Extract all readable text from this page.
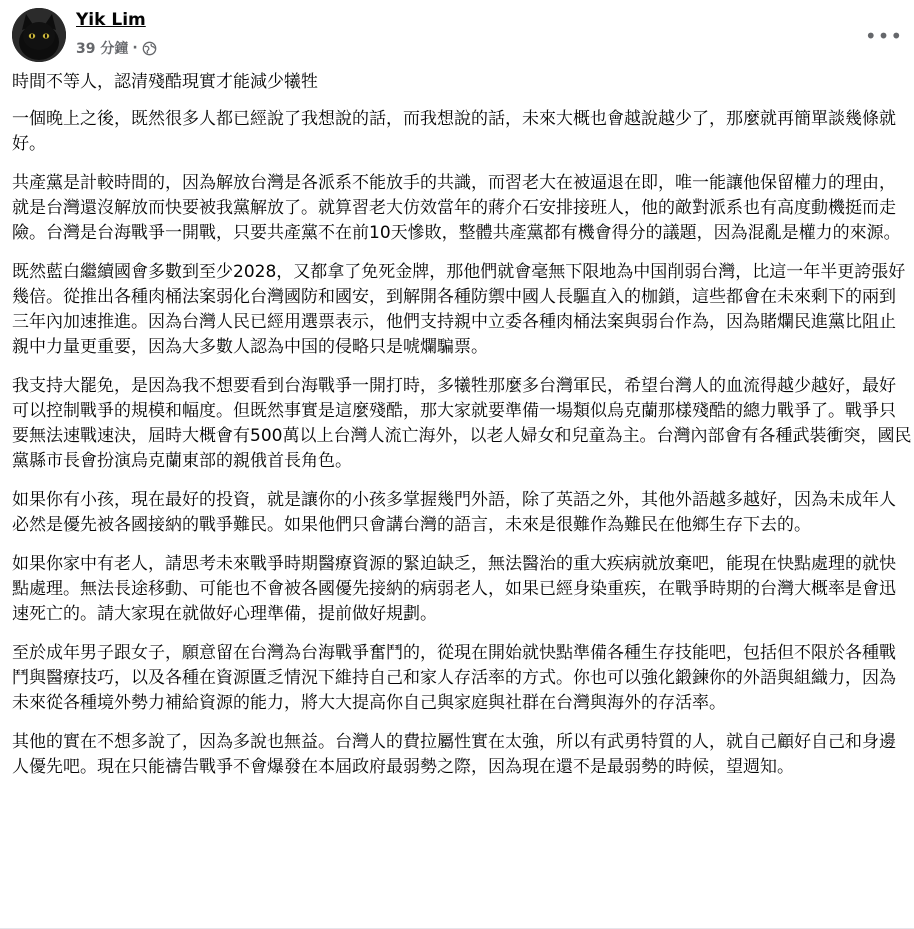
Yik Lim
39 分鐘 ·	•••

時間不等人，認清殘酷現實才能減少犧牲

一個晚上之後，既然很多人都已經說了我想說的話，而我想說的話，未來大概也會越說越少了，那麼就再簡單談幾條就好。

共產黨是計較時間的，因為解放台灣是各派系不能放手的共識，而習老大在被逼退在即，唯一能讓他保留權力的理由，就是台灣還沒解放而快要被我黨解放了。就算習老大仿效當年的蔣介石安排接班人，他的敵對派系也有高度動機挺而走險。台灣是台海戰爭一開戰，只要共產黨不在前10天慘敗，整體共產黨都有機會得分的議題，因為混亂是權力的來源。

既然藍白繼續國會多數到至少2028，又都拿了免死金牌，那他們就會毫無下限地為中国削弱台灣，比這一年半更誇張好幾倍。從推出各種肉桶法案弱化台灣國防和國安，到解開各種防禦中國人長驅直入的枷鎖，這些都會在未來剩下的兩到三年內加速推進。因為台灣人民已經用選票表示，他們支持親中立委各種肉桶法案與弱台作為，因為賭爛民進黨比阻止親中力量更重要，因為大多數人認為中国的侵略只是唬爛騙票。

我支持大罷免，是因為我不想要看到台海戰爭一開打時，多犧牲那麼多台灣軍民，希望台灣人的血流得越少越好，最好可以控制戰爭的規模和幅度。但既然事實是這麼殘酷，那大家就要準備一場類似烏克蘭那樣殘酷的總力戰爭了。戰爭只要無法速戰速決，屆時大概會有500萬以上台灣人流亡海外，以老人婦女和兒童為主。台灣內部會有各種武裝衝突，國民黨縣市長會扮演烏克蘭東部的親俄首長角色。

如果你有小孩，現在最好的投資，就是讓你的小孩多掌握幾門外語，除了英語之外，其他外語越多越好，因為未成年人必然是優先被各國接納的戰爭難民。如果他們只會講台灣的語言，未來是很難作為難民在他鄉生存下去的。

如果你家中有老人，請思考未來戰爭時期醫療資源的緊迫缺乏，無法醫治的重大疾病就放棄吧，能現在快點處理的就快點處理。無法長途移動、可能也不會被各國優先接納的病弱老人，如果已經身染重疾，在戰爭時期的台灣大概率是會迅速死亡的。請大家現在就做好心理準備，提前做好規劃。

至於成年男子跟女子，願意留在台灣為台海戰爭奮鬥的，從現在開始就快點準備各種生存技能吧，包括但不限於各種戰鬥與醫療技巧，以及各種在資源匱乏情況下維持自己和家人存活率的方式。你也可以強化鍛鍊你的外語與組織力，因為未來從各種境外勢力補給資源的能力，將大大提高你自己與家庭與社群在台灣與海外的存活率。

其他的實在不想多說了，因為多說也無益。台灣人的費拉屬性實在太強，所以有武勇特質的人，就自己顧好自己和身邊人優先吧。現在只能禱告戰爭不會爆發在本屆政府最弱勢之際，因為現在還不是最弱勢的時候，望週知。
